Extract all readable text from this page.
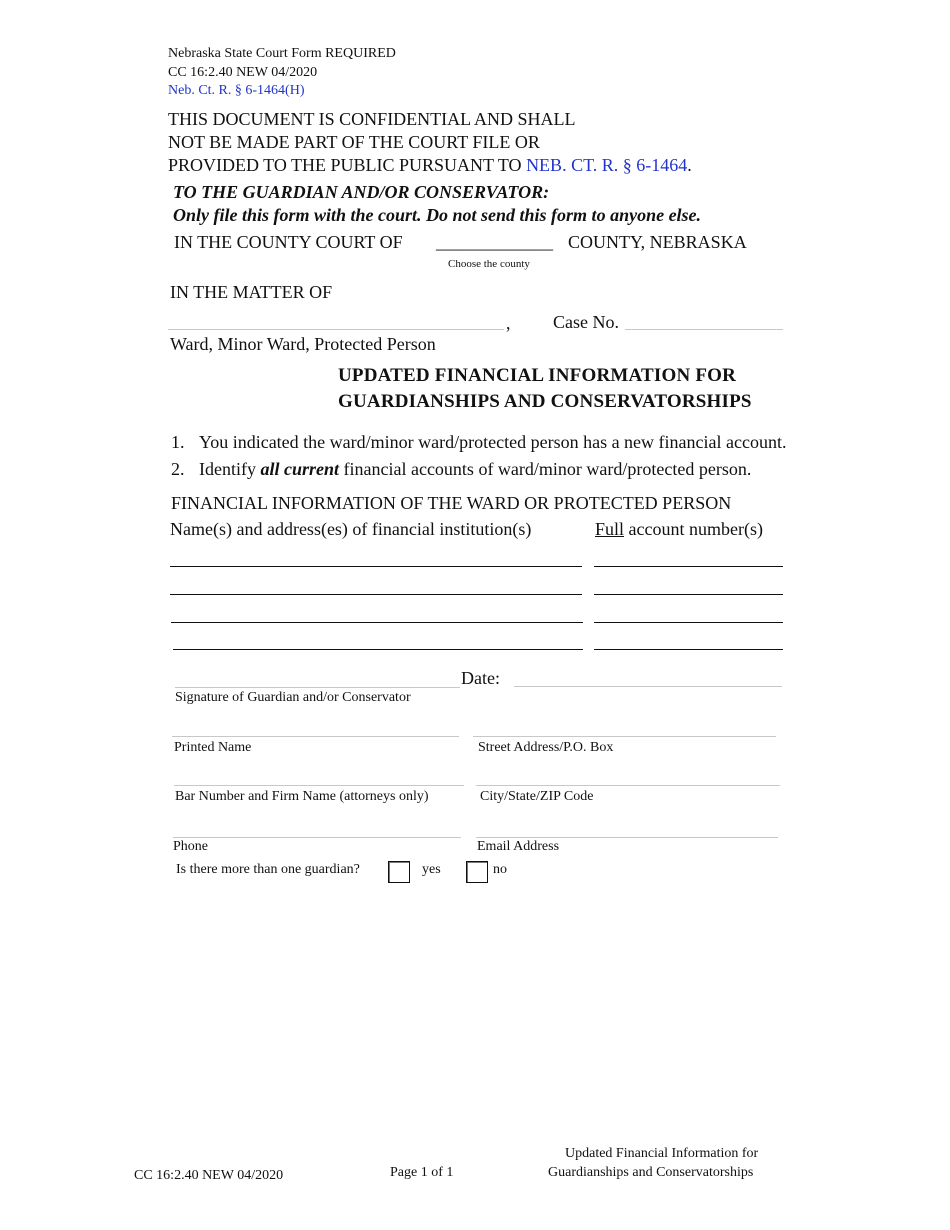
Nebraska State Court Form REQUIRED
CC 16:2.40 NEW 04/2020
Neb. Ct. R. § 6-1464(H)
THIS DOCUMENT IS CONFIDENTIAL AND SHALL
NOT BE MADE PART OF THE COURT FILE OR
PROVIDED TO THE PUBLIC PURSUANT TO NEB. CT. R. § 6-1464.
TO THE GUARDIAN AND/OR CONSERVATOR:
Only file this form with the court. Do not send this form to anyone else.
IN THE COUNTY COURT OF _____________ COUNTY, NEBRASKA
Choose the county
IN THE MATTER OF
, Case No.
Ward, Minor Ward, Protected Person
UPDATED FINANCIAL INFORMATION FOR
GUARDIANSHIPS AND CONSERVATORSHIPS
1. You indicated the ward/minor ward/protected person has a new financial account.
2. Identify all current financial accounts of ward/minor ward/protected person.
FINANCIAL INFORMATION OF THE WARD OR PROTECTED PERSON
Name(s) and address(es) of financial institution(s)	Full account number(s)
Date:
Signature of Guardian and/or Conservator
Printed Name	Street Address/P.O. Box
Bar Number and Firm Name (attorneys only)	City/State/ZIP Code
Phone	Email Address
Is there more than one guardian?	yes	no
CC 16:2.40 NEW 04/2020	Page 1 of 1
Updated Financial Information for
Guardianships and Conservatorships
